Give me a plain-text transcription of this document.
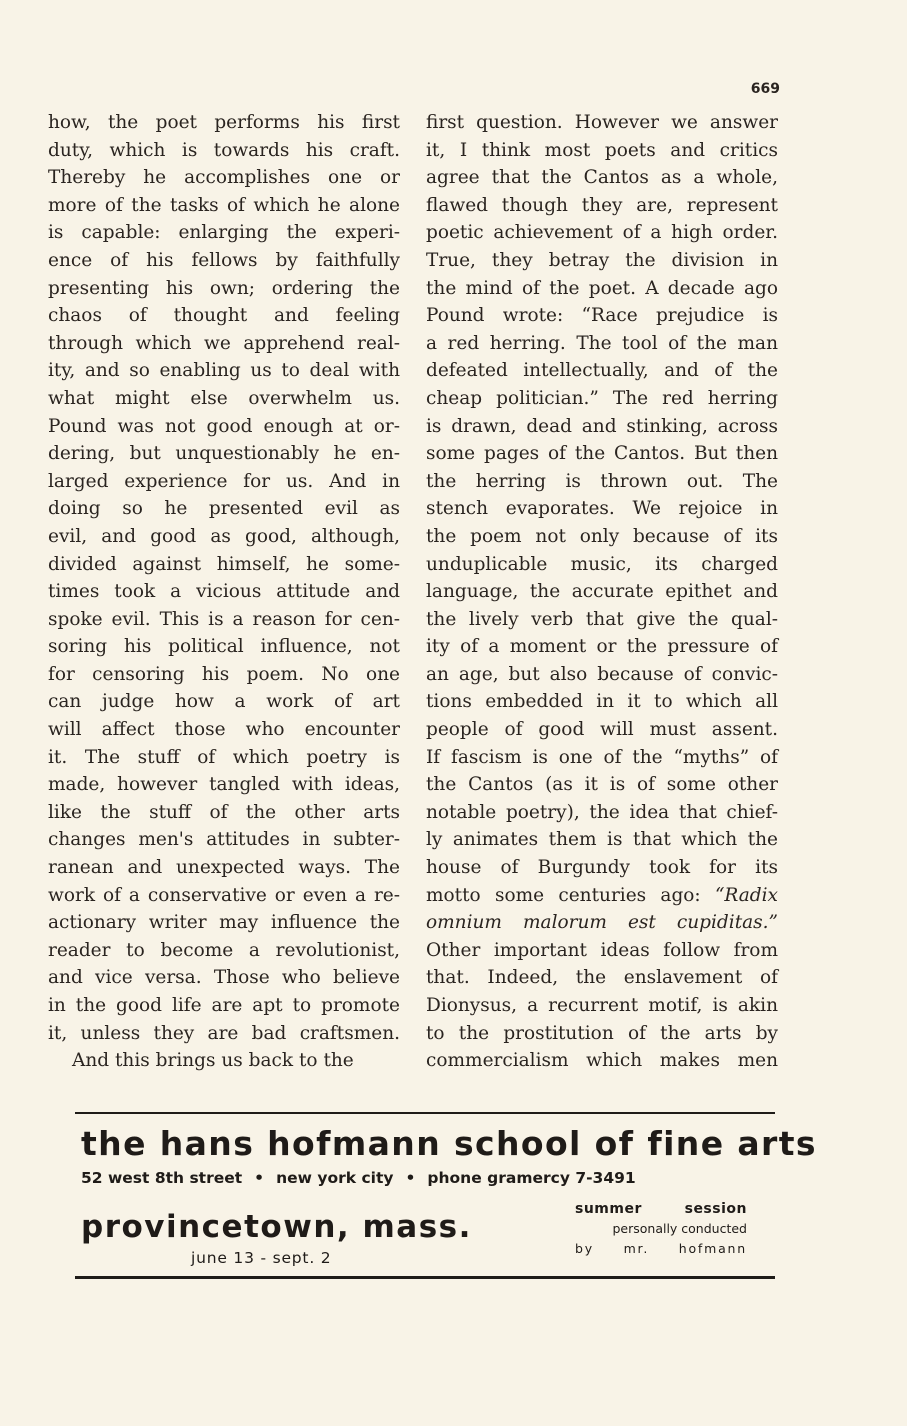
669
how, the poet performs his first
duty, which is towards his craft.
Thereby he accomplishes one or
more of the tasks of which he alone
is capable: enlarging the experi-
ence of his fellows by faithfully
presenting his own; ordering the
chaos of thought and feeling
through which we apprehend real-
ity, and so enabling us to deal with
what might else overwhelm us.
Pound was not good enough at or-
dering, but unquestionably he en-
larged experience for us. And in
doing so he presented evil as
evil, and good as good, although,
divided against himself, he some-
times took a vicious attitude and
spoke evil. This is a reason for cen-
soring his political influence, not
for censoring his poem. No one
can judge how a work of art
will affect those who encounter
it. The stuff of which poetry is
made, however tangled with ideas,
like the stuff of the other arts
changes men's attitudes in subter-
ranean and unexpected ways. The
work of a conservative or even a re-
actionary writer may influence the
reader to become a revolutionist,
and vice versa. Those who believe
in the good life are apt to promote
it, unless they are bad craftsmen.
And this brings us back to the
first question. However we answer
it, I think most poets and critics
agree that the Cantos as a whole,
flawed though they are, represent
poetic achievement of a high order.
True, they betray the division in
the mind of the poet. A decade ago
Pound wrote: “Race prejudice is
a red herring. The tool of the man
defeated intellectually, and of the
cheap politician.” The red herring
is drawn, dead and stinking, across
some pages of the Cantos. But then
the herring is thrown out. The
stench evaporates. We rejoice in
the poem not only because of its
unduplicable music, its charged
language, the accurate epithet and
the lively verb that give the qual-
ity of a moment or the pressure of
an age, but also because of convic-
tions embedded in it to which all
people of good will must assent.
If fascism is one of the “myths” of
the Cantos (as it is of some other
notable poetry), the idea that chief-
ly animates them is that which the
house of Burgundy took for its
motto some centuries ago: “Radix
omnium malorum est cupiditas.”
Other important ideas follow from
that. Indeed, the enslavement of
Dionysus, a recurrent motif, is akin
to the prostitution of the arts by
commercialism which makes men
the hans hofmann school of fine arts
52 west 8th street • new york city • phone gramercy 7-3491
provincetown, mass.
june 13 - sept. 2
summer session
personally conducted
by mr. hofmann
